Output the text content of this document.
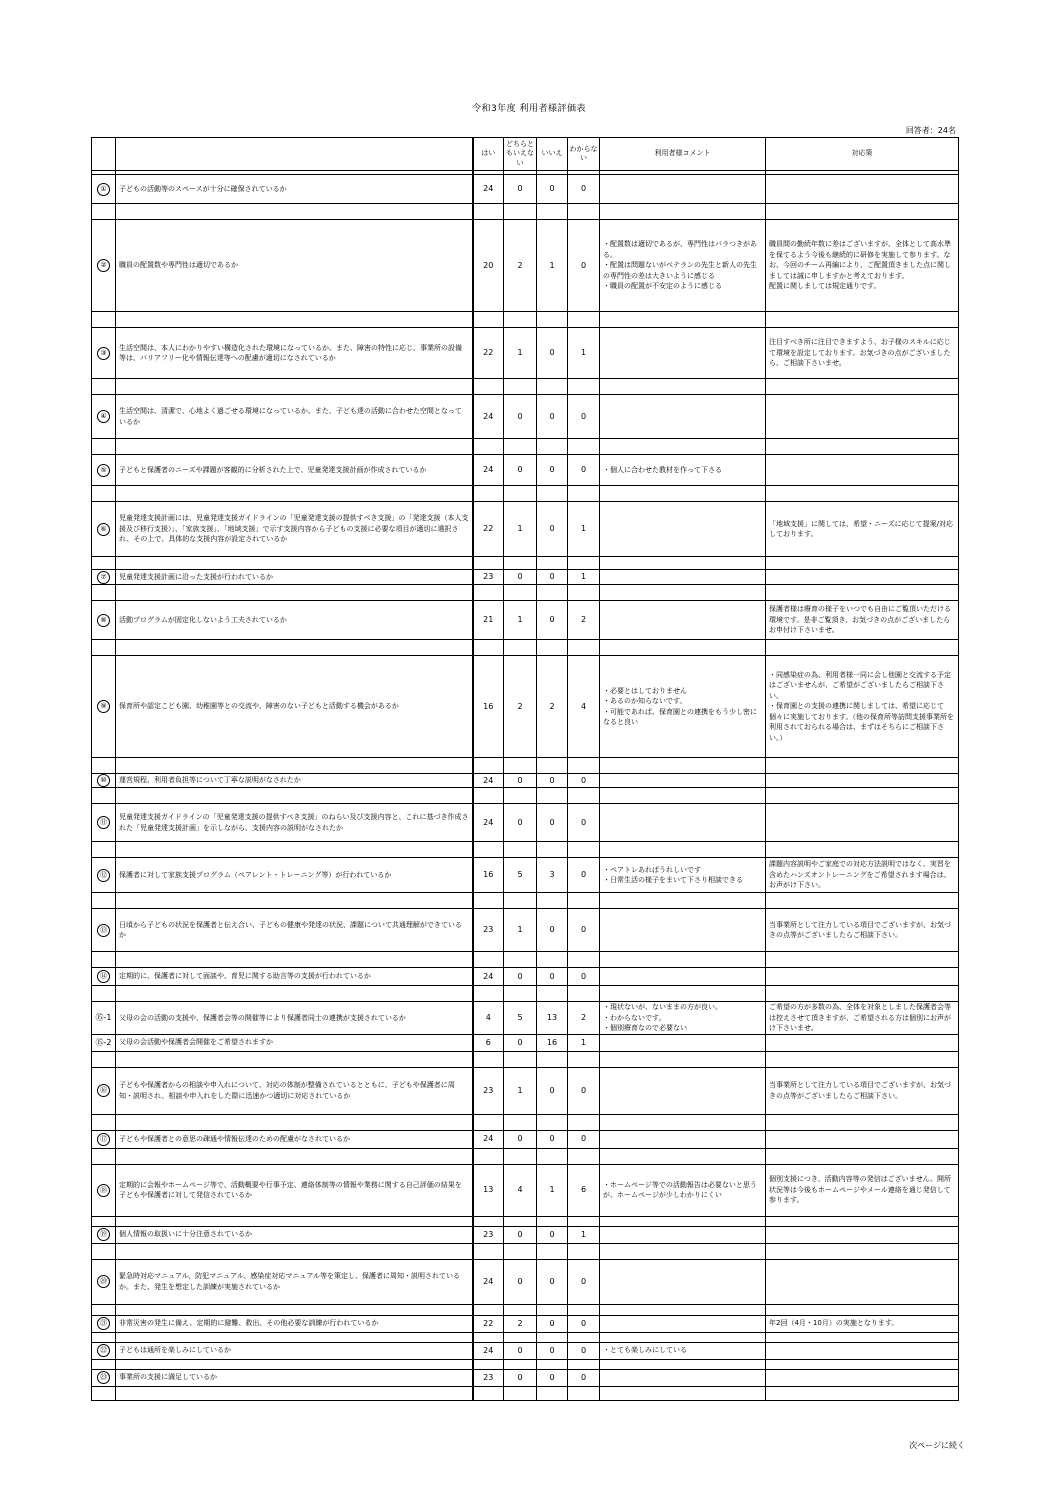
令和3年度 利用者様評価表
回答者：24名
		はい	どちらともいえない	いいえ	わからない	利用者様コメント	対応策

①	子どもの活動等のスペースが十分に確保されているか	24	0	0	0		

②	職員の配置数や専門性は適切であるか	20	2	1	0	・配置数は適切であるが、専門性はバラつきがある。
・配置は問題ないがベテランの先生と新人の先生の専門性の差は大きいように感じる
・職員の配置が不安定のように感じる	職員間の勤続年数に差はございますが、全体として高水準を保てるよう今後も継続的に研修を実施して参ります。なお、今回のチーム再編により、ご配置頂きました点に関しましては誠に申しますかと考えております。
配置に関しましては規定通りです。

③	生活空間は、本人にわかりやすい構造化された環境になっているか。また、障害の特性に応じ、事業所の設備等は、バリアフリー化や情報伝達等への配慮が適切になされているか	22	1	0	1		注目すべき所に注目できますよう、お子様のスキルに応じて環境を設定しております。お気づきの点がございましたら、ご相談下さいませ。

④	生活空間は、清潔で、心地よく過ごせる環境になっているか。また、子ども達の活動に合わせた空間となっているか	24	0	0	0		

⑤	子どもと保護者のニーズや課題が客観的に分析された上で、児童発達支援計画が作成されているか	24	0	0	0	・個人に合わせた教材を作って下さる	

⑥	児童発達支援計画には、児童発達支援ガイドラインの「児童発達支援の提供すべき支援」の「発達支援（本人支援及び移行支援）」、「家族支援」、「地域支援」で示す支援内容から子どもの支援に必要な項目が適切に選択され、その上で、具体的な支援内容が設定されているか	22	1	0	1		「地域支援」に関しては、希望・ニーズに応じて提案/対応しております。

⑦	児童発達支援計画に沿った支援が行われているか	23	0	0	1		

⑧	活動プログラムが固定化しないよう工夫されているか	21	1	0	2		保護者様は療育の様子をいつでも自由にご覧頂いただける環境です。是非ご覧頂き、お気づきの点がございましたらお申付け下さいませ。

⑨	保育所や認定こども園、幼稚園等との交流や、障害のない子どもと活動する機会があるか	16	2	2	4	・必要とはしておりません
・あるのか知らないです。
・可能であれば、保育園との連携をもう少し密になると良い	・同感染症の為、利用者様一同に会し他園と交流する予定はございませんが、ご希望がございましたらご相談下さい。
・保育園との支援の連携に関しましては、希望に応じて個々に実施しております。（他の保育所等訪問支援事業所を利用されておられる場合は、まずはそちらにご相談下さい。）

⑩	運営規程、利用者負担等について丁寧な説明がなされたか	24	0	0	0		

⑪	児童発達支援ガイドラインの「児童発達支援の提供すべき支援」のねらい及び支援内容と、これに基づき作成された「児童発達支援計画」を示しながら、支援内容の説明がなされたか	24	0	0	0		

⑫	保護者に対して家族支援プログラム（ペアレント・トレーニング等）が行われているか	16	5	3	0	・ペアトレあればうれしいです
・日常生活の様子をまいて下さり相談できる	課題内容説明やご家庭での対応方法説明ではなく、実習を含めたハンズオントレーニングをご希望されます場合は、お声がけ下さい。

⑬	日頃から子どもの状況を保護者と伝え合い、子どもの健康や発達の状況、課題について共通理解ができているか	23	1	0	0		当事業所として注力している項目でございますが、お気づきの点等がございましたらご相談下さい。

⑭	定期的に、保護者に対して面談や、育児に関する助言等の支援が行われているか	24	0	0	0		

⑮-1	父母の会の活動の支援や、保護者会等の開催等により保護者同士の連携が支援されているか	4	5	13	2	・現状ないが、ないままの方が良い。
・わからないです。
・個別療育なので必要ない	ご希望の方が多数の為、全体を対象としました保護者会等は控えさせて頂きますが、ご希望される方は個別にお声がけ下さいませ。
⑮-2	父母の会活動や保護者会開催をご希望されますか	6	0	16	1		

⑯	子どもや保護者からの相談や申入れについて、対応の体制が整備されているとともに、子どもや保護者に周知・説明され、相談や申入れをした際に迅速かつ適切に対応されているか	23	1	0	0		当事業所として注力している項目でございますが、お気づきの点等がございましたらご相談下さい。

⑰	子どもや保護者との意思の疎通や情報伝達のための配慮がなされているか	24	0	0	0		

⑱	定期的に会報やホームページ等で、活動概要や行事予定、連絡体制等の情報や業務に関する自己評価の結果を子どもや保護者に対して発信されているか	13	4	1	6	・ホームページ等での活動報告は必要ないと思うが、ホームページが少しわかりにくい	個別支援につき、活動内容等の発信はございません。開所状況等は今後もホームページやメール連絡を通じ発信して参ります。

⑲	個人情報の取扱いに十分注意されているか	23	0	0	1		

⑳	緊急時対応マニュアル、防犯マニュアル、感染症対応マニュアル等を策定し、保護者に周知・説明されているか。また、発生を想定した訓練が実施されているか	24	0	0	0		

㉑	非常災害の発生に備え、定期的に避難、救出、その他必要な訓練が行われているか	22	2	0	0		年2回（4月・10月）の実施となります。

㉒	子どもは通所を楽しみにしているか	24	0	0	0	・とても楽しみにしている	

㉓	事業所の支援に満足しているか	23	0	0	0		

次ページに続く
